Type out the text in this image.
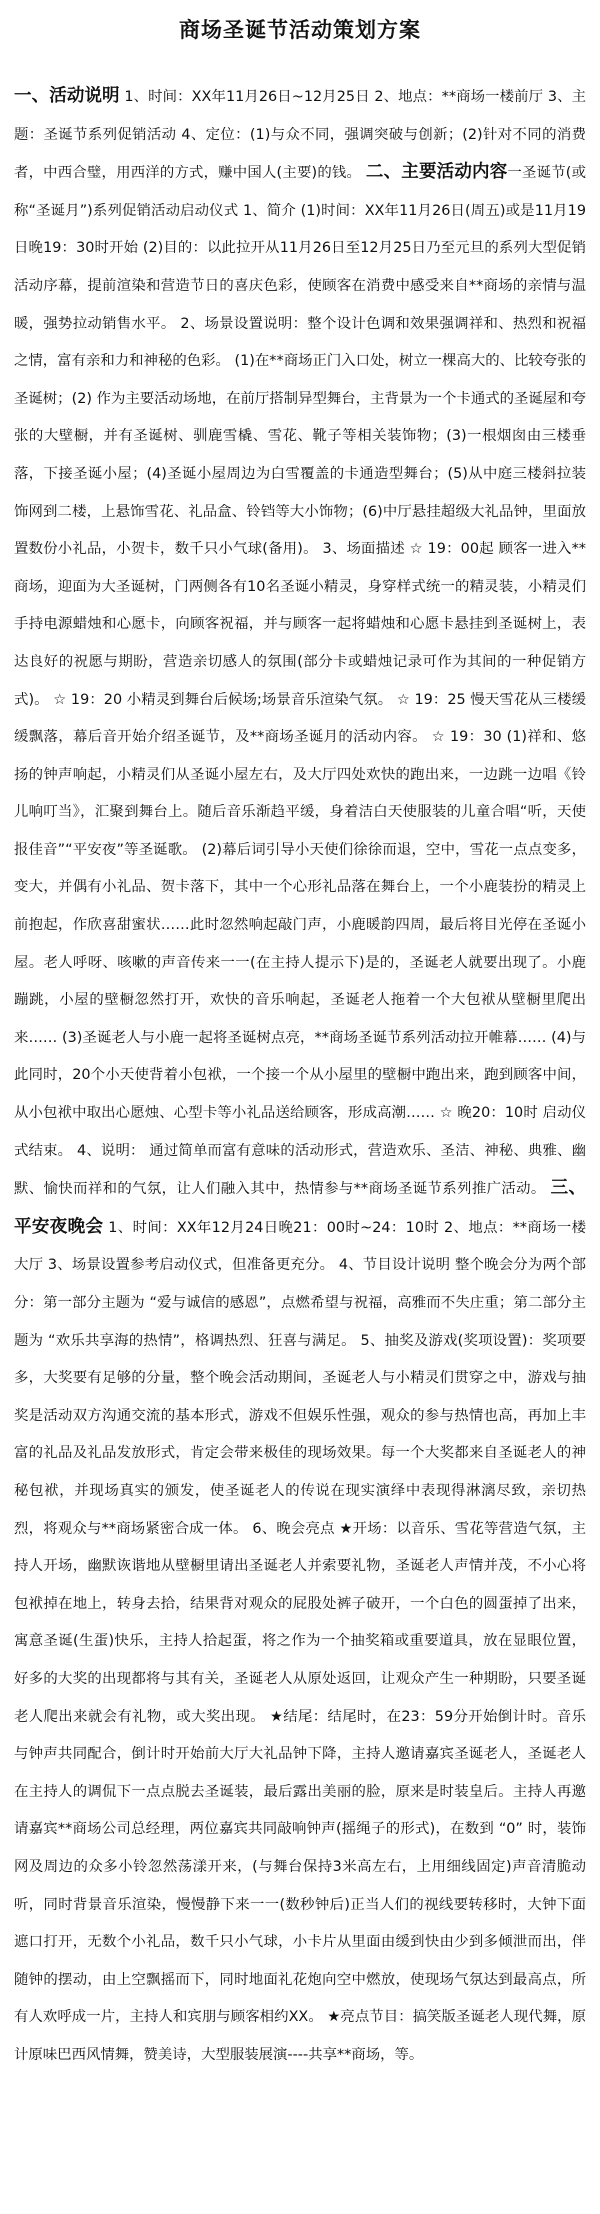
商场圣诞节活动策划方案
一、活动说明 1、时间：XX年11月26日~12月25日 2、地点：**商场一楼前厅 3、主题：圣诞节系列促销活动 4、定位：(1)与众不同，强调突破与创新；(2)针对不同的消费者，中西合璧，用西洋的方式，赚中国人(主要)的钱。 二、主要活动内容一圣诞节(或称“圣诞月”)系列促销活动启动仪式 1、简介 (1)时间：XX年11月26日(周五)或是11月19日晚19：30时开始 (2)目的：以此拉开从11月26日至12月25日乃至元旦的系列大型促销活动序幕，提前渲染和营造节日的喜庆色彩，使顾客在消费中感受来自**商场的亲情与温暖，强势拉动销售水平。 2、场景设置说明：整个设计色调和效果强调祥和、热烈和祝福之情，富有亲和力和神秘的色彩。 (1)在**商场正门入口处，树立一棵高大的、比较夸张的圣诞树；(2) 作为主要活动场地，在前厅搭制异型舞台，主背景为一个卡通式的圣诞屋和夸张的大壁橱，并有圣诞树、驯鹿雪橇、雪花、靴子等相关装饰物；(3)一根烟囱由三楼垂落，下接圣诞小屋；(4)圣诞小屋周边为白雪覆盖的卡通造型舞台；(5)从中庭三楼斜拉装饰网到二楼，上悬饰雪花、礼品盒、铃铛等大小饰物；(6)中厅悬挂超级大礼品钟，里面放置数份小礼品，小贺卡，数千只小气球(备用)。 3、场面描述 ☆ 19：00起 顾客一进入**商场，迎面为大圣诞树，门两侧各有10名圣诞小精灵，身穿样式统一的精灵装，小精灵们手持电源蜡烛和心愿卡，向顾客祝福，并与顾客一起将蜡烛和心愿卡悬挂到圣诞树上，表达良好的祝愿与期盼，营造亲切感人的氛围(部分卡或蜡烛记录可作为其间的一种促销方式)。 ☆ 19：20 小精灵到舞台后候场;场景音乐渲染气氛。 ☆ 19：25 慢天雪花从三楼缓缓飘落，幕后音开始介绍圣诞节，及**商场圣诞月的活动内容。 ☆ 19：30 (1)祥和、悠扬的钟声响起，小精灵们从圣诞小屋左右，及大厅四处欢快的跑出来，一边跳一边唱《铃儿响叮当》，汇聚到舞台上。随后音乐渐趋平缓，身着洁白天使服装的儿童合唱“听，天使报佳音”“平安夜”等圣诞歌。 (2)幕后词引导小天使们徐徐而退，空中，雪花一点点变多，变大，并偶有小礼品、贺卡落下，其中一个心形礼品落在舞台上，一个小鹿装扮的精灵上前抱起，作欣喜甜蜜状……此时忽然响起敲门声，小鹿暖韵四周，最后将目光停在圣诞小屋。老人呼呀、咳嗽的声音传来一一(在主持人提示下)是的，圣诞老人就要出现了。小鹿蹦跳，小屋的壁橱忽然打开，欢快的音乐响起，圣诞老人拖着一个大包袱从壁橱里爬出来…… (3)圣诞老人与小鹿一起将圣诞树点亮，**商场圣诞节系列活动拉开帷幕…… (4)与此同时，20个小天使背着小包袱，一个接一个从小屋里的壁橱中跑出来，跑到顾客中间，从小包袱中取出心愿烛、心型卡等小礼品送给顾客，形成高潮…… ☆ 晚20：10时 启动仪式结束。 4、说明： 通过简单而富有意味的活动形式，营造欢乐、圣洁、神秘、典雅、幽默、愉快而祥和的气氛，让人们融入其中，热情参与**商场圣诞节系列推广活动。 三、平安夜晚会 1、时间：XX年12月24日晚21：00时~24：10时 2、地点：**商场一楼大厅 3、场景设置参考启动仪式，但准备更充分。 4、节目设计说明 整个晚会分为两个部分：第一部分主题为 “爱与诚信的感恩”，点燃希望与祝福，高雅而不失庄重；第二部分主题为 “欢乐共享海的热情”，格调热烈、狂喜与满足。 5、抽奖及游戏(奖项设置)：奖项要多，大奖要有足够的分量，整个晚会活动期间，圣诞老人与小精灵们贯穿之中，游戏与抽奖是活动双方沟通交流的基本形式，游戏不但娱乐性强，观众的参与热情也高，再加上丰富的礼品及礼品发放形式，肯定会带来极佳的现场效果。每一个大奖都来自圣诞老人的神秘包袱，并现场真实的颁发，使圣诞老人的传说在现实演绎中表现得淋漓尽致，亲切热烈，将观众与**商场紧密合成一体。 6、晚会亮点 ★开场：以音乐、雪花等营造气氛，主持人开场，幽默诙谐地从壁橱里请出圣诞老人并索要礼物，圣诞老人声情并茂，不小心将包袱掉在地上，转身去拾，结果背对观众的屁股处裤子破开，一个白色的圆蛋掉了出来，寓意圣诞(生蛋)快乐，主持人拾起蛋，将之作为一个抽奖箱或重要道具，放在显眼位置，好多的大奖的出现都将与其有关，圣诞老人从原处返回，让观众产生一种期盼，只要圣诞老人爬出来就会有礼物，或大奖出现。 ★结尾：结尾时，在23：59分开始倒计时。音乐与钟声共同配合，倒计时开始前大厅大礼品钟下降，主持人邀请嘉宾圣诞老人，圣诞老人在主持人的调侃下一点点脱去圣诞装，最后露出美丽的脸，原来是时装皇后。主持人再邀请嘉宾**商场公司总经理，两位嘉宾共同敲响钟声(摇绳子的形式)，在数到 “0” 时，装饰网及周边的众多小铃忽然荡漾开来，(与舞台保持3米高左右，上用细线固定)声音清脆动听，同时背景音乐渲染，慢慢静下来一一(数秒钟后)正当人们的视线要转移时，大钟下面遮口打开，无数个小礼品，数千只小气球，小卡片从里面由缓到快由少到多倾泄而出，伴随钟的摆动，由上空飘摇而下，同时地面礼花炮向空中燃放，使现场气氛达到最高点，所有人欢呼成一片，主持人和宾朋与顾客相约XX。 ★亮点节目：搞笑版圣诞老人现代舞，原计原味巴西风情舞，赞美诗，大型服装展演----共享**商场，等。
